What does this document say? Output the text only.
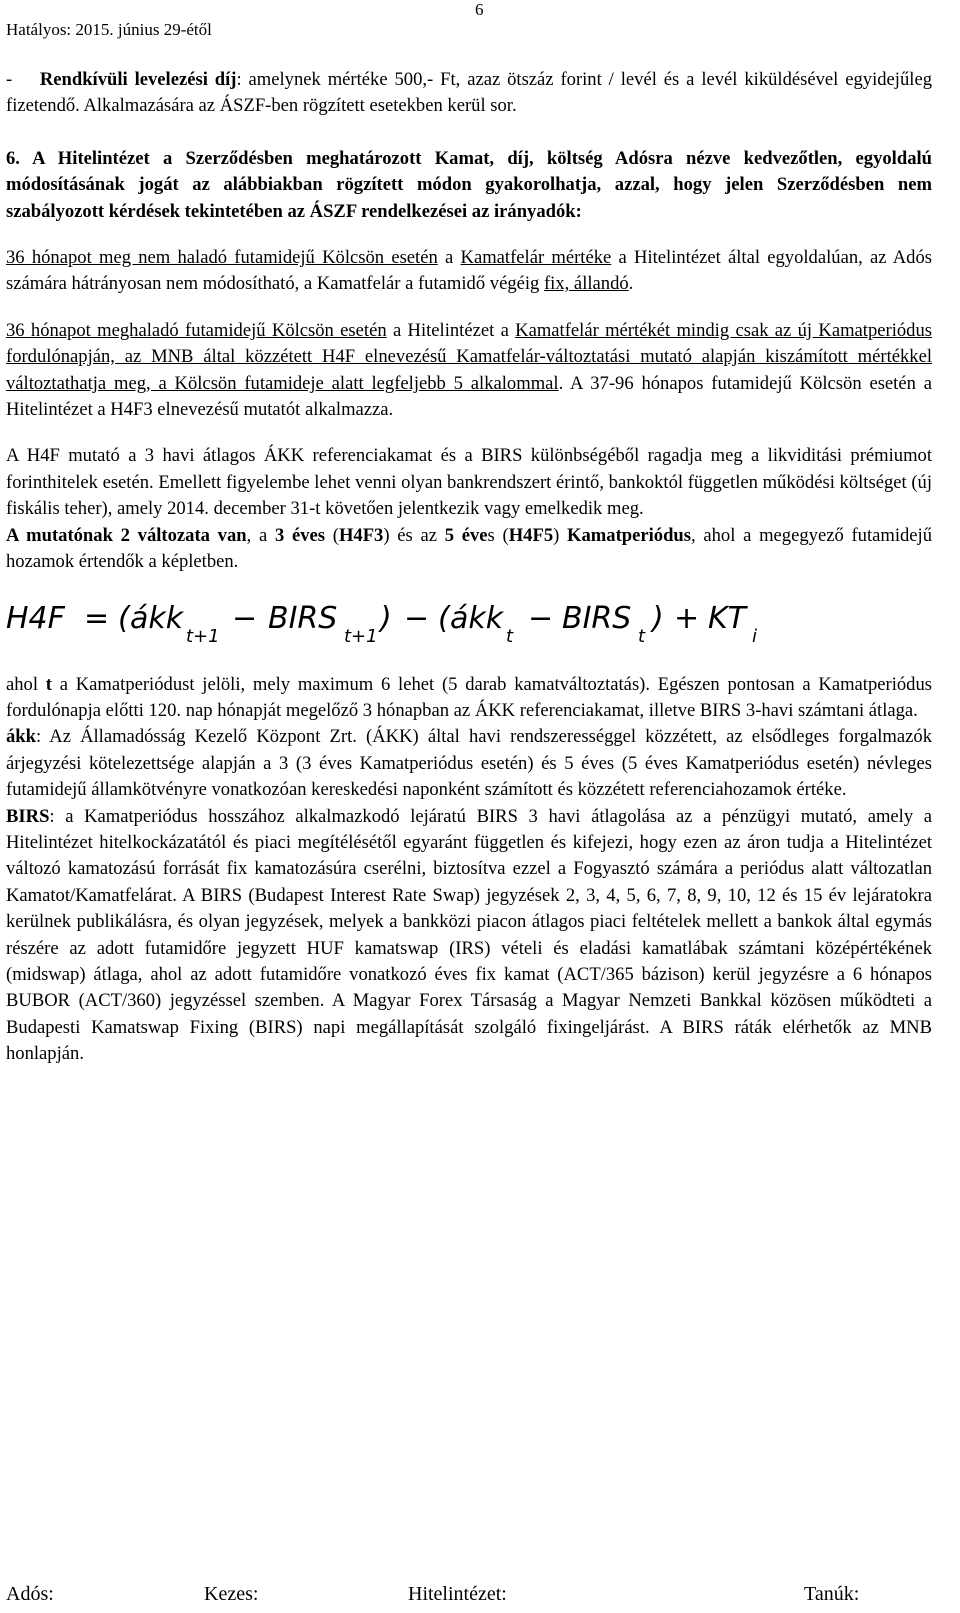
6
Hatályos: 2015. június 29-étől

- Rendkívüli levelezési díj: amelynek mértéke 500,- Ft, azaz ötszáz forint / levél és a levél kiküldésével egyidejűleg fizetendő. Alkalmazására az ÁSZF-ben rögzített esetekben kerül sor.

6. A Hitelintézet a Szerződésben meghatározott Kamat, díj, költség Adósra nézve kedvezőtlen, egyoldalú módosításának jogát az alábbiakban rögzített módon gyakorolhatja, azzal, hogy jelen Szerződésben nem szabályozott kérdések tekintetében az ÁSZF rendelkezései az irányadók:

36 hónapot meg nem haladó futamidejű Kölcsön esetén a Kamatfelár mértéke a Hitelintézet által egyoldalúan, az Adós számára hátrányosan nem módosítható, a Kamatfelár a futamidő végéig fix, állandó.

36 hónapot meghaladó futamidejű Kölcsön esetén a Hitelintézet a Kamatfelár mértékét mindig csak az új Kamatperiódus fordulónapján, az MNB által közzétett H4F elnevezésű Kamatfelár-változtatási mutató alapján kiszámított mértékkel változtathatja meg, a Kölcsön futamideje alatt legfeljebb 5 alkalommal. A 37-96 hónapos futamidejű Kölcsön esetén a Hitelintézet a H4F3 elnevezésű mutatót alkalmazza.

A H4F mutató a 3 havi átlagos ÁKK referenciakamat és a BIRS különbségéből ragadja meg a likviditási prémiumot forinthitelek esetén. Emellett figyelembe lehet venni olyan bankrendszert érintő, bankoktól független működési költséget (új fiskális teher), amely 2014. december 31-t követően jelentkezik vagy emelkedik meg.

A mutatónak 2 változata van, a 3 éves (H4F3) és az 5 éves (H4F5) Kamatperiódus, ahol a megegyező futamidejű hozamok értendők a képletben.

H4F = ( ákk
t+1
− BIRS
t+1
) − ( ákk
t
− BIRS
t
) + KT
i

ahol t a Kamatperiódust jelöli, mely maximum 6 lehet (5 darab kamatváltoztatás). Egészen pontosan a Kamatperiódus fordulónapja előtti 120. nap hónapját megelőző 3 hónapban az ÁKK referenciakamat, illetve BIRS 3-havi számtani átlaga.

ákk: Az Államadósság Kezelő Központ Zrt. (ÁKK) által havi rendszerességgel közzétett, az elsődleges forgalmazók árjegyzési kötelezettsége alapján a 3 (3 éves Kamatperiódus esetén) és 5 éves (5 éves Kamatperiódus esetén) névleges futamidejű államkötvényre vonatkozóan kereskedési naponként számított és közzétett referenciahozamok értéke.

BIRS: a Kamatperiódus hosszához alkalmazkodó lejáratú BIRS 3 havi átlagolása az a pénzügyi mutató, amely a Hitelintézet hitelkockázatától és piaci megítélésétől egyaránt független és kifejezi, hogy ezen az áron tudja a Hitelintézet változó kamatozású forrását fix kamatozásúra cserélni, biztosítva ezzel a Fogyasztó számára a periódus alatt változatlan Kamatot/Kamatfelárat. A BIRS (Budapest Interest Rate Swap) jegyzések 2, 3, 4, 5, 6, 7, 8, 9, 10, 12 és 15 év lejáratokra kerülnek publikálásra, és olyan jegyzések, melyek a bankközi piacon átlagos piaci feltételek mellett a bankok által egymás részére az adott futamidőre jegyzett HUF kamatswap (IRS) vételi és eladási kamatlábak számtani középértékének (midswap) átlaga, ahol az adott futamidőre vonatkozó éves fix kamat (ACT/365 bázison) kerül jegyzésre a 6 hónapos BUBOR (ACT/360) jegyzéssel szemben. A Magyar Forex Társaság a Magyar Nemzeti Bankkal közösen működteti a Budapesti Kamatswap Fixing (BIRS) napi megállapítását szolgáló fixingeljárást. A BIRS ráták elérhetők az MNB honlapján.

Adós:	Kezes:	Hitelintézet:	Tanúk:
